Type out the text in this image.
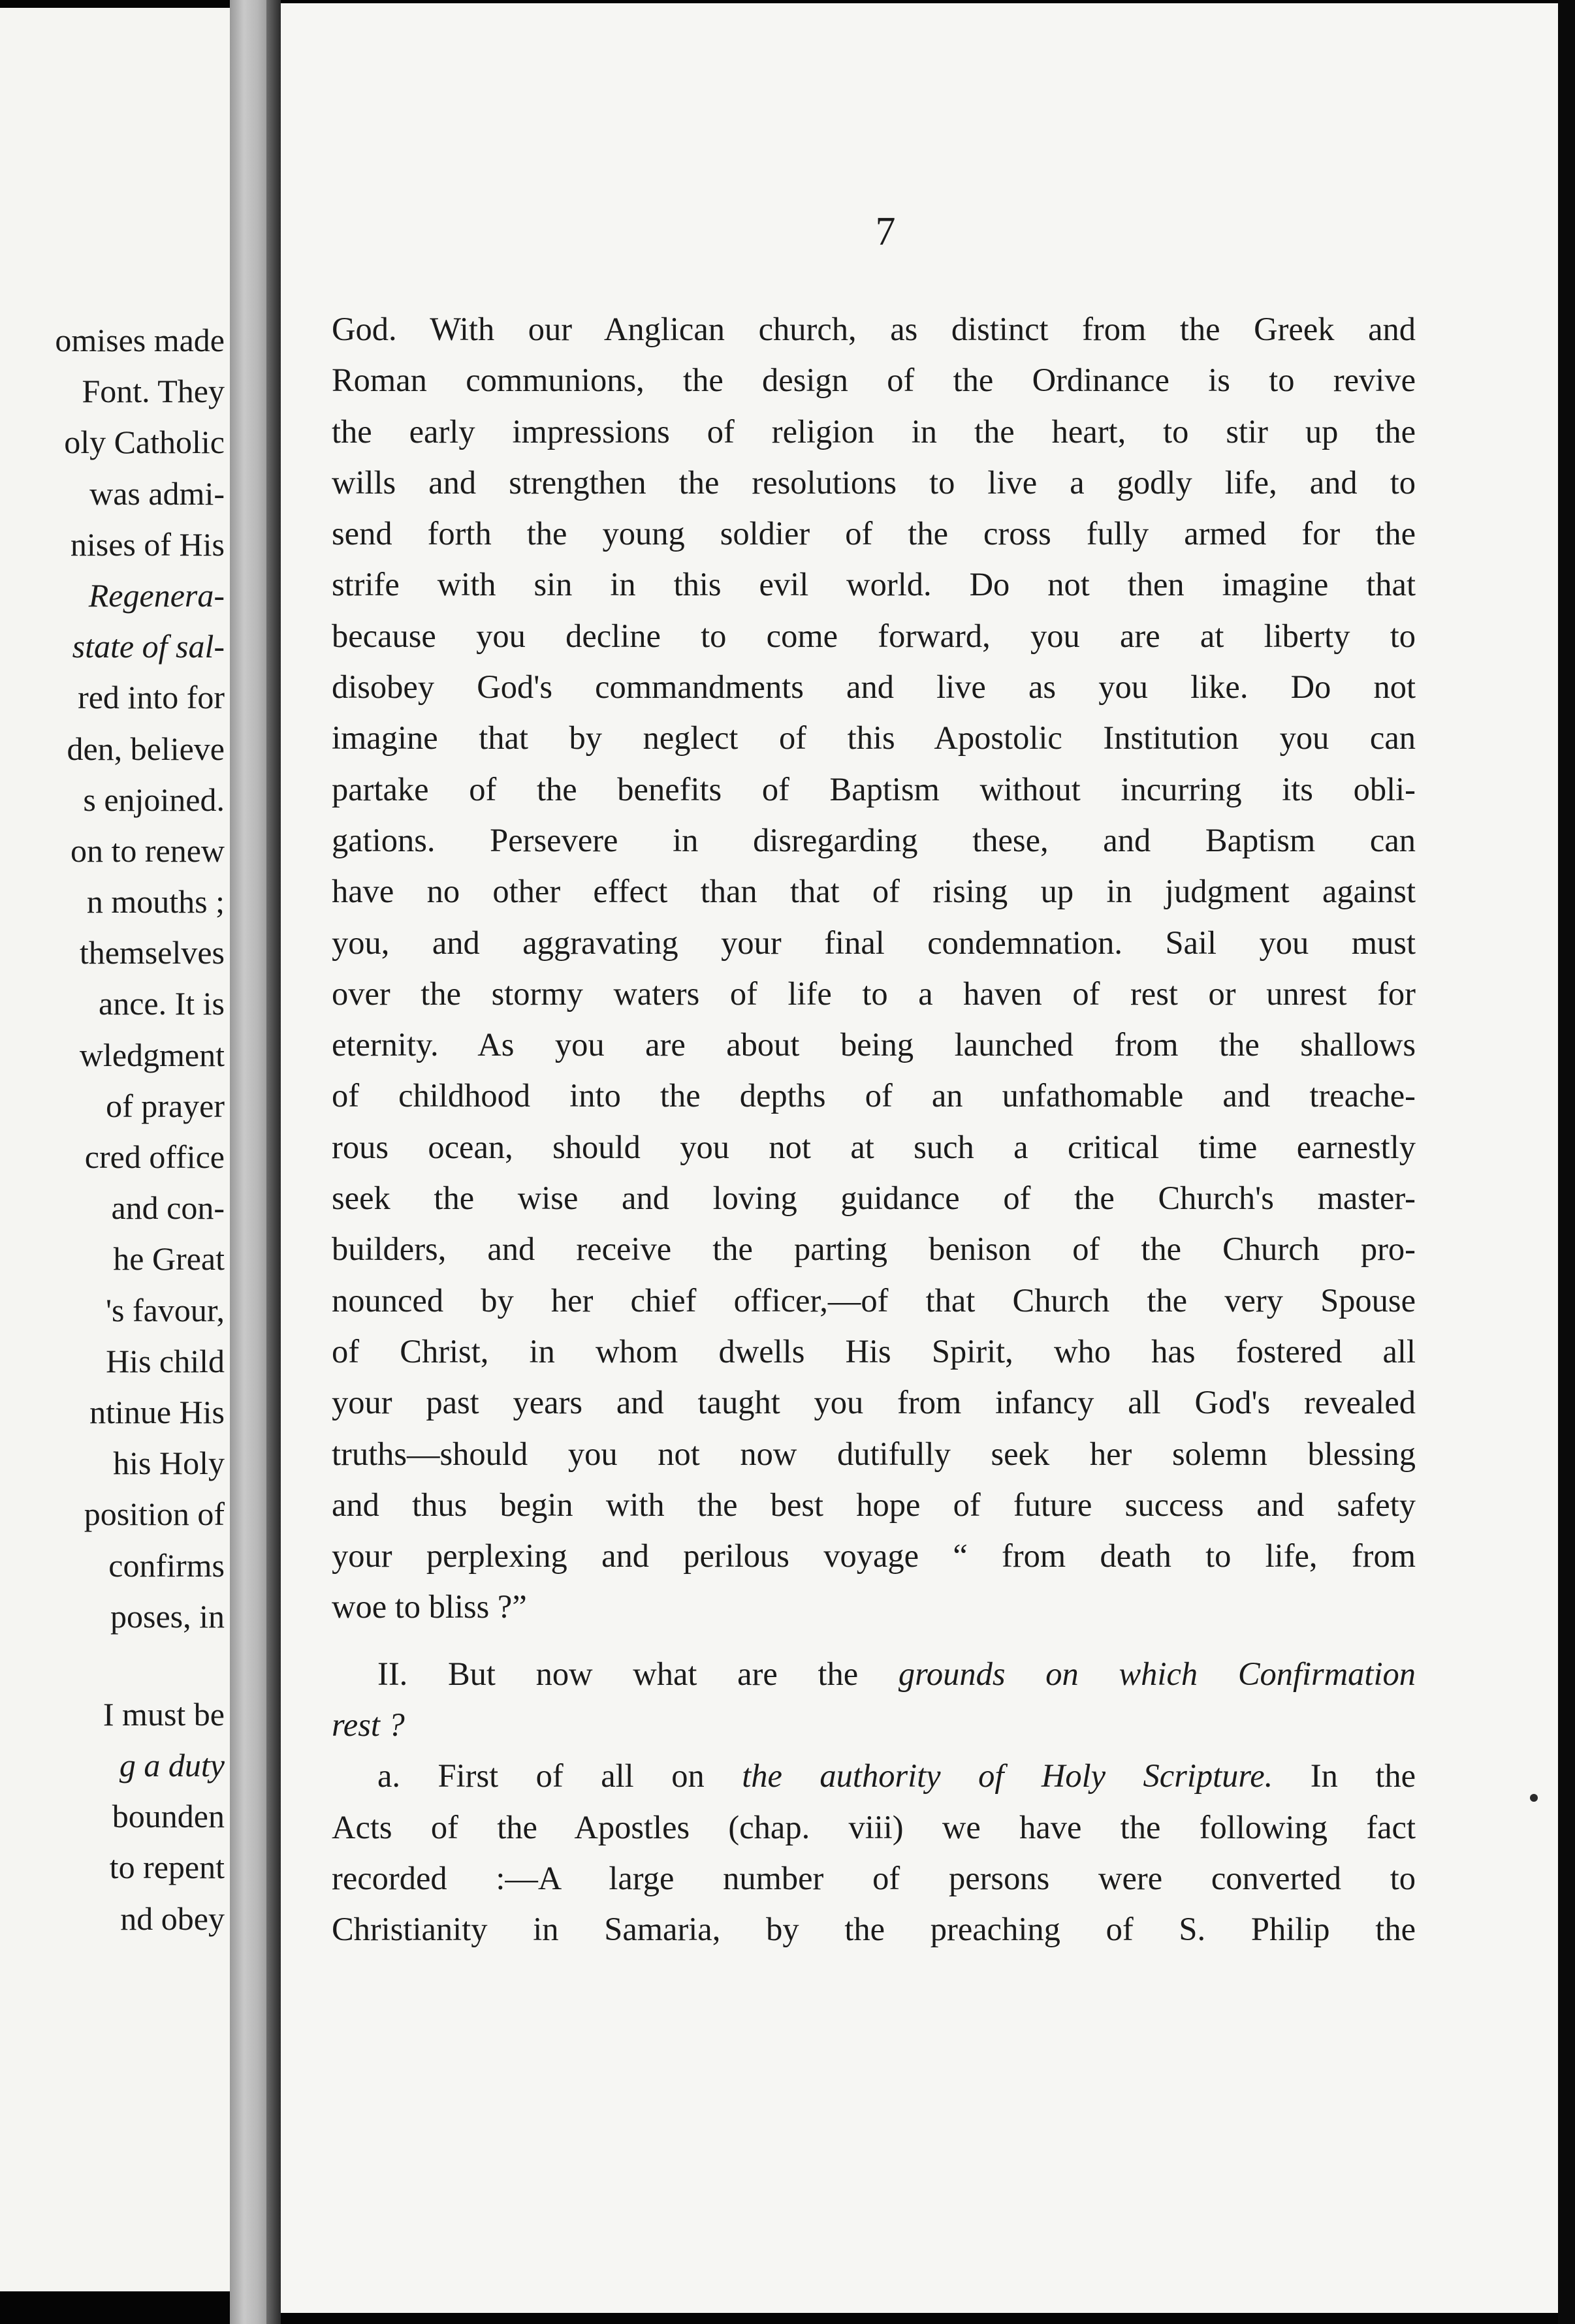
omises made
Font. They
oly Catholic
was admi-
nises of His
Regenera-
state of sal-
red into for
den, believe
s enjoined.
on to renew
n mouths ;
themselves
ance. It is
wledgment
of prayer
cred office
and con-
he Great
's favour,
His child
ntinue His
his Holy
position of
confirms
poses, in
I must be
g a duty
bounden
to repent
nd obey
7
God. With our Anglican church, as distinct from the Greek and
Roman communions, the design of the Ordinance is to revive
the early impressions of religion in the heart, to stir up the
wills and strengthen the resolutions to live a godly life, and to
send forth the young soldier of the cross fully armed for the
strife with sin in this evil world. Do not then imagine that
because you decline to come forward, you are at liberty to
disobey God's commandments and live as you like. Do not
imagine that by neglect of this Apostolic Institution you can
partake of the benefits of Baptism without incurring its obli-
gations. Persevere in disregarding these, and Baptism can
have no other effect than that of rising up in judgment against
you, and aggravating your final condemnation. Sail you must
over the stormy waters of life to a haven of rest or unrest for
eternity. As you are about being launched from the shallows
of childhood into the depths of an unfathomable and treache-
rous ocean, should you not at such a critical time earnestly
seek the wise and loving guidance of the Church's master-
builders, and receive the parting benison of the Church pro-
nounced by her chief officer,—of that Church the very Spouse
of Christ, in whom dwells His Spirit, who has fostered all
your past years and taught you from infancy all God's revealed
truths—should you not now dutifully seek her solemn blessing
and thus begin with the best hope of future success and safety
your perplexing and perilous voyage “ from death to life, from
woe to bliss ?”
II. But now what are the grounds on which Confirmation
rest ?
a. First of all on the authority of Holy Scripture. In the
Acts of the Apostles (chap. viii) we have the following fact
recorded :—A large number of persons were converted to
Christianity in Samaria, by the preaching of S. Philip the
